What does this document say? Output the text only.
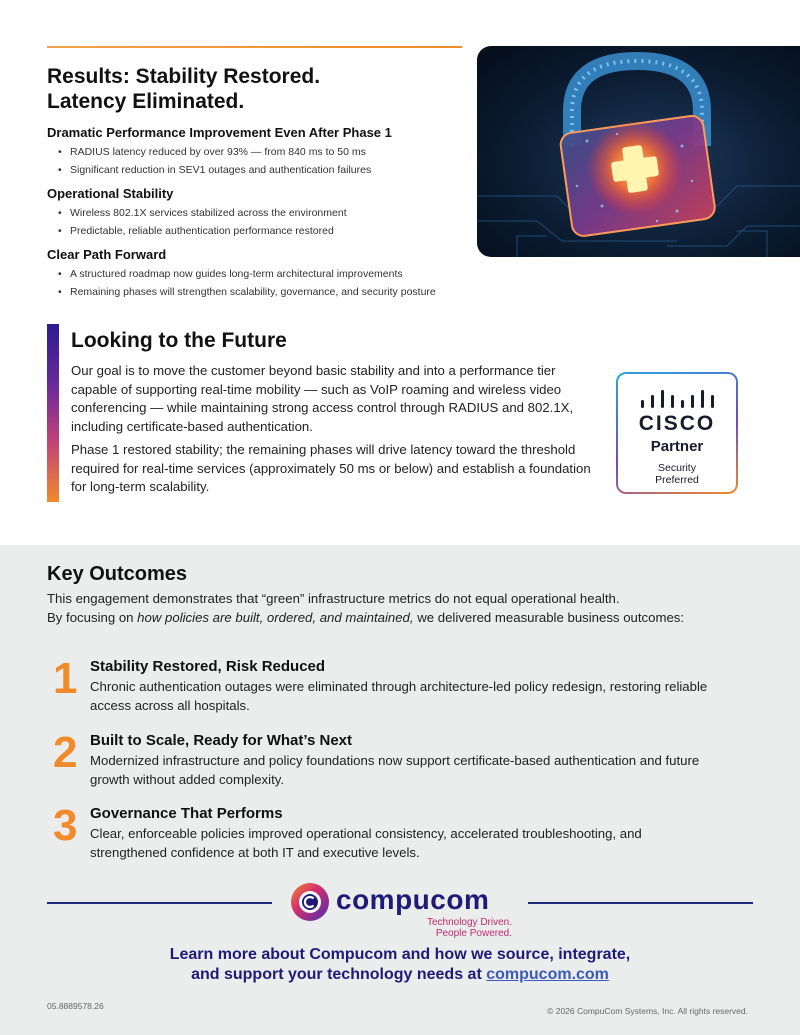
Results: Stability Restored.
Latency Eliminated.
Dramatic Performance Improvement Even After Phase 1
• RADIUS latency reduced by over 93% — from 840 ms to 50 ms
• Significant reduction in SEV1 outages and authentication failures
Operational Stability
• Wireless 802.1X services stabilized across the environment
• Predictable, reliable authentication performance restored
Clear Path Forward
• A structured roadmap now guides long-term architectural improvements
• Remaining phases will strengthen scalability, governance, and security posture
Looking to the Future

Our goal is to move the customer beyond basic stability and into a performance tier capable of supporting real-time mobility — such as VoIP roaming and wireless video conferencing — while maintaining strong access control through RADIUS and 802.1X, including certificate-based authentication.

Phase 1 restored stability; the remaining phases will drive latency toward the threshold required for real-time services (approximately 50 ms or below) and establish a foundation for long-term scalability.

CISCO
Partner
Security
Preferred
Key Outcomes
This engagement demonstrates that “green” infrastructure metrics do not equal operational health.
By focusing on how policies are built, ordered, and maintained, we delivered measurable business outcomes:
1 Stability Restored, Risk Reduced
Chronic authentication outages were eliminated through architecture-led policy redesign, restoring reliable access across all hospitals.
2 Built to Scale, Ready for What’s Next
Modernized infrastructure and policy foundations now support certificate-based authentication and future growth without added complexity.
3 Governance That Performs
Clear, enforceable policies improved operational consistency, accelerated troubleshooting, and strengthened confidence at both IT and executive levels.
compucom
Technology Driven.
People Powered.
Learn more about Compucom and how we source, integrate,
and support your technology needs at compucom.com
05.8889578.26	© 2026 CompuCom Systems, Inc. All rights reserved.
